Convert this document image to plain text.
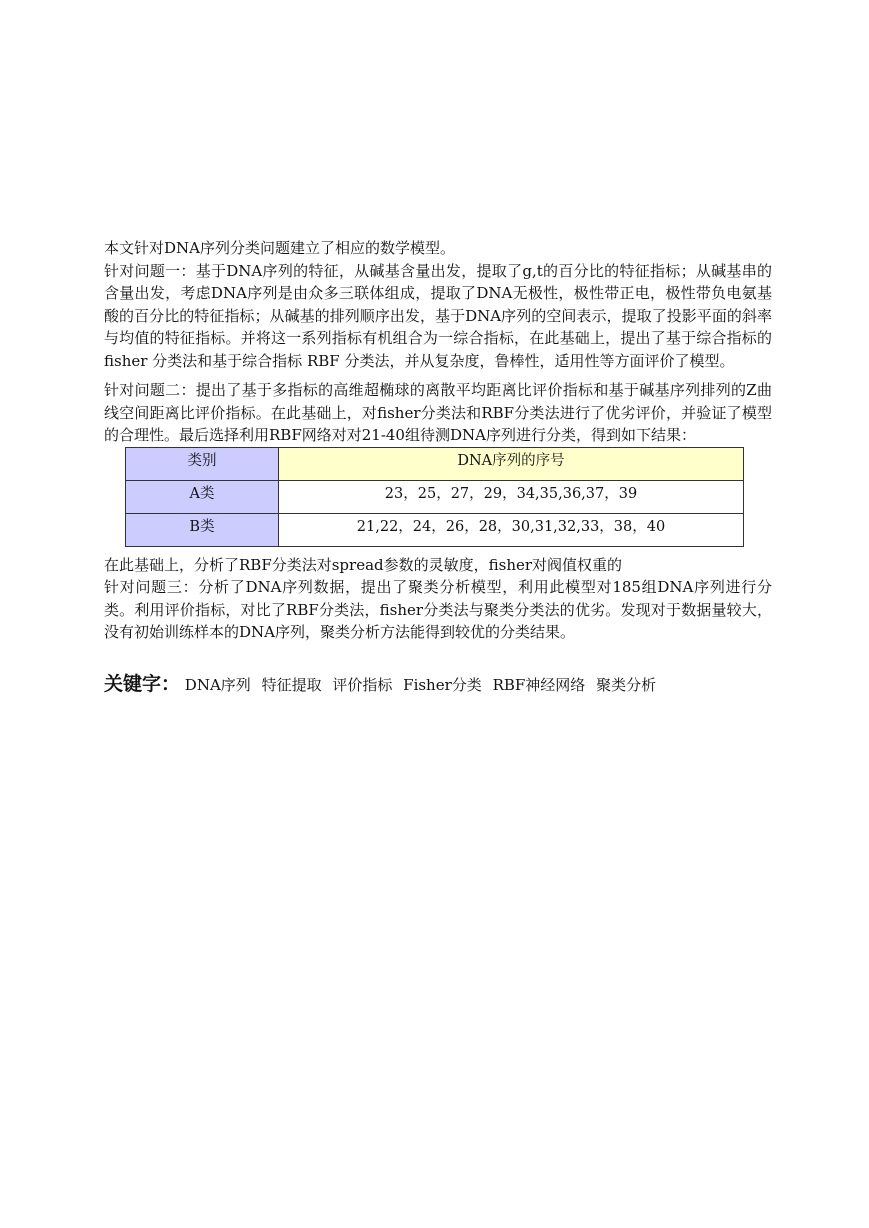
本文针对DNA序列分类问题建立了相应的数学模型。

针对问题一：基于DNA序列的特征，从碱基含量出发，提取了g,t的百分比的特征指标；从碱基串的含量出发，考虑DNA序列是由众多三联体组成，提取了DNA无极性，极性带正电，极性带负电氨基酸的百分比的特征指标；从碱基的排列顺序出发，基于DNA序列的空间表示，提取了投影平面的斜率与均值的特征指标。并将这一系列指标有机组合为一综合指标，在此基础上，提出了基于综合指标的 fisher 分类法和基于综合指标 RBF 分类法，并从复杂度，鲁棒性，适用性等方面评价了模型。

针对问题二：提出了基于多指标的高维超椭球的离散平均距离比评价指标和基于碱基序列排列的Z曲线空间距离比评价指标。在此基础上，对fisher分类法和RBF分类法进行了优劣评价，并验证了模型的合理性。最后选择利用RBF网络对对21-40组待测DNA序列进行分类，得到如下结果：

类别	DNA序列的序号
A类	23，25，27，29，34,35,36,37，39
B类	21,22，24，26，28，30,31,32,33，38，40

在此基础上，分析了RBF分类法对spread参数的灵敏度，fisher对阀值权重的

针对问题三：分析了DNA序列数据，提出了聚类分析模型，利用此模型对185组DNA序列进行分类。利用评价指标，对比了RBF分类法，fisher分类法与聚类分类法的优劣。发现对于数据量较大，没有初始训练样本的DNA序列，聚类分析方法能得到较优的分类结果。

关键字： DNA序列 特征提取 评价指标 Fisher分类 RBF神经网络 聚类分析
